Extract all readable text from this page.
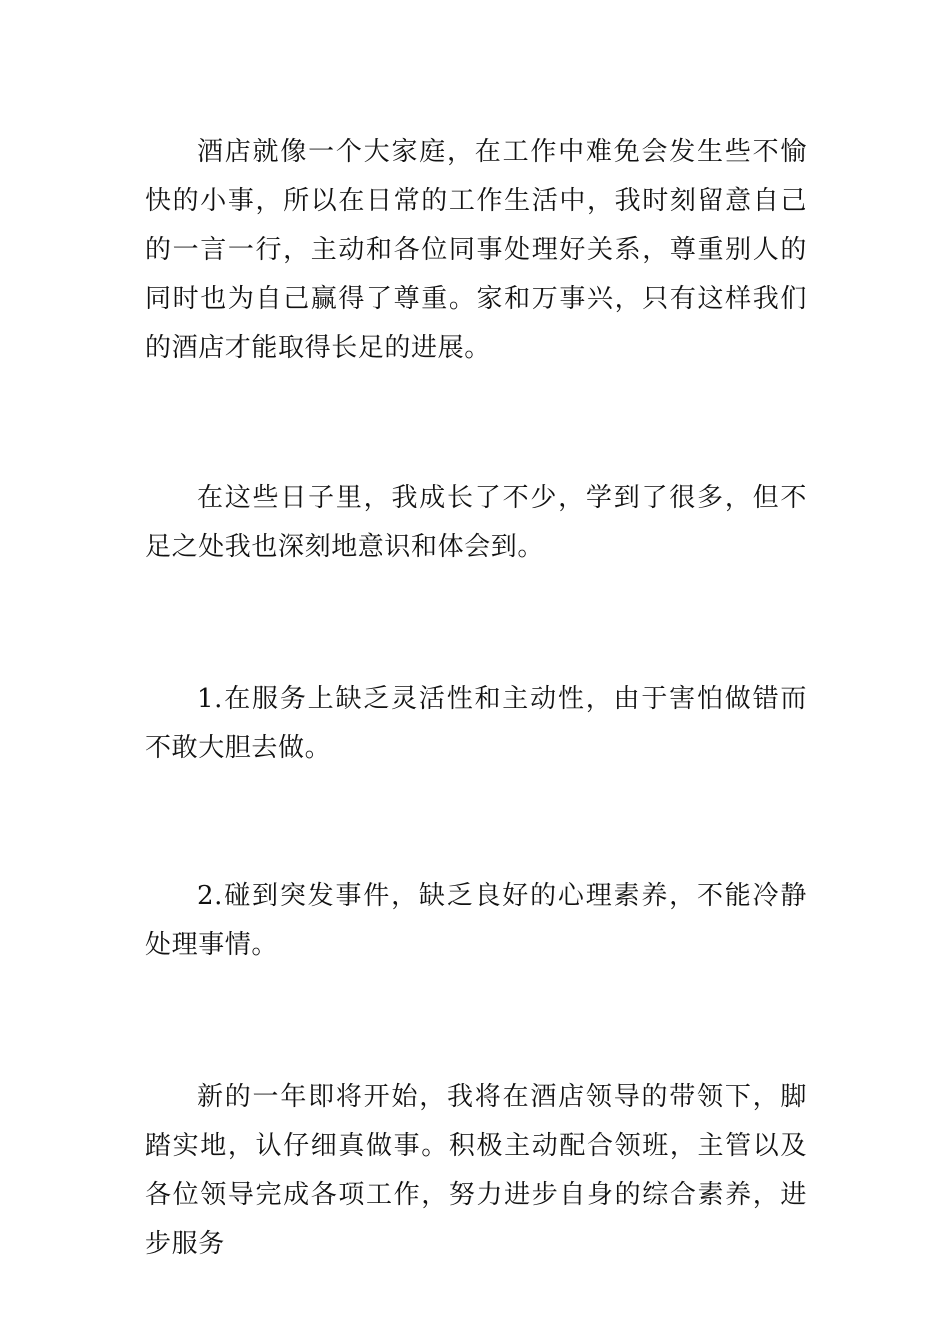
酒店就像一个大家庭，在工作中难免会发生些不愉快的小事，所以在日常的工作生活中，我时刻留意自己的一言一行，主动和各位同事处理好关系，尊重别人的同时也为自己赢得了尊重。家和万事兴，只有这样我们的酒店才能取得长足的进展。

在这些日子里，我成长了不少，学到了很多，但不足之处我也深刻地意识和体会到。

1.在服务上缺乏灵活性和主动性，由于害怕做错而不敢大胆去做。

2.碰到突发事件，缺乏良好的心理素养，不能冷静处理事情。

新的一年即将开始，我将在酒店领导的带领下，脚踏实地，认仔细真做事。积极主动配合领班，主管以及各位领导完成各项工作，努力进步自身的综合素养，进步服务
